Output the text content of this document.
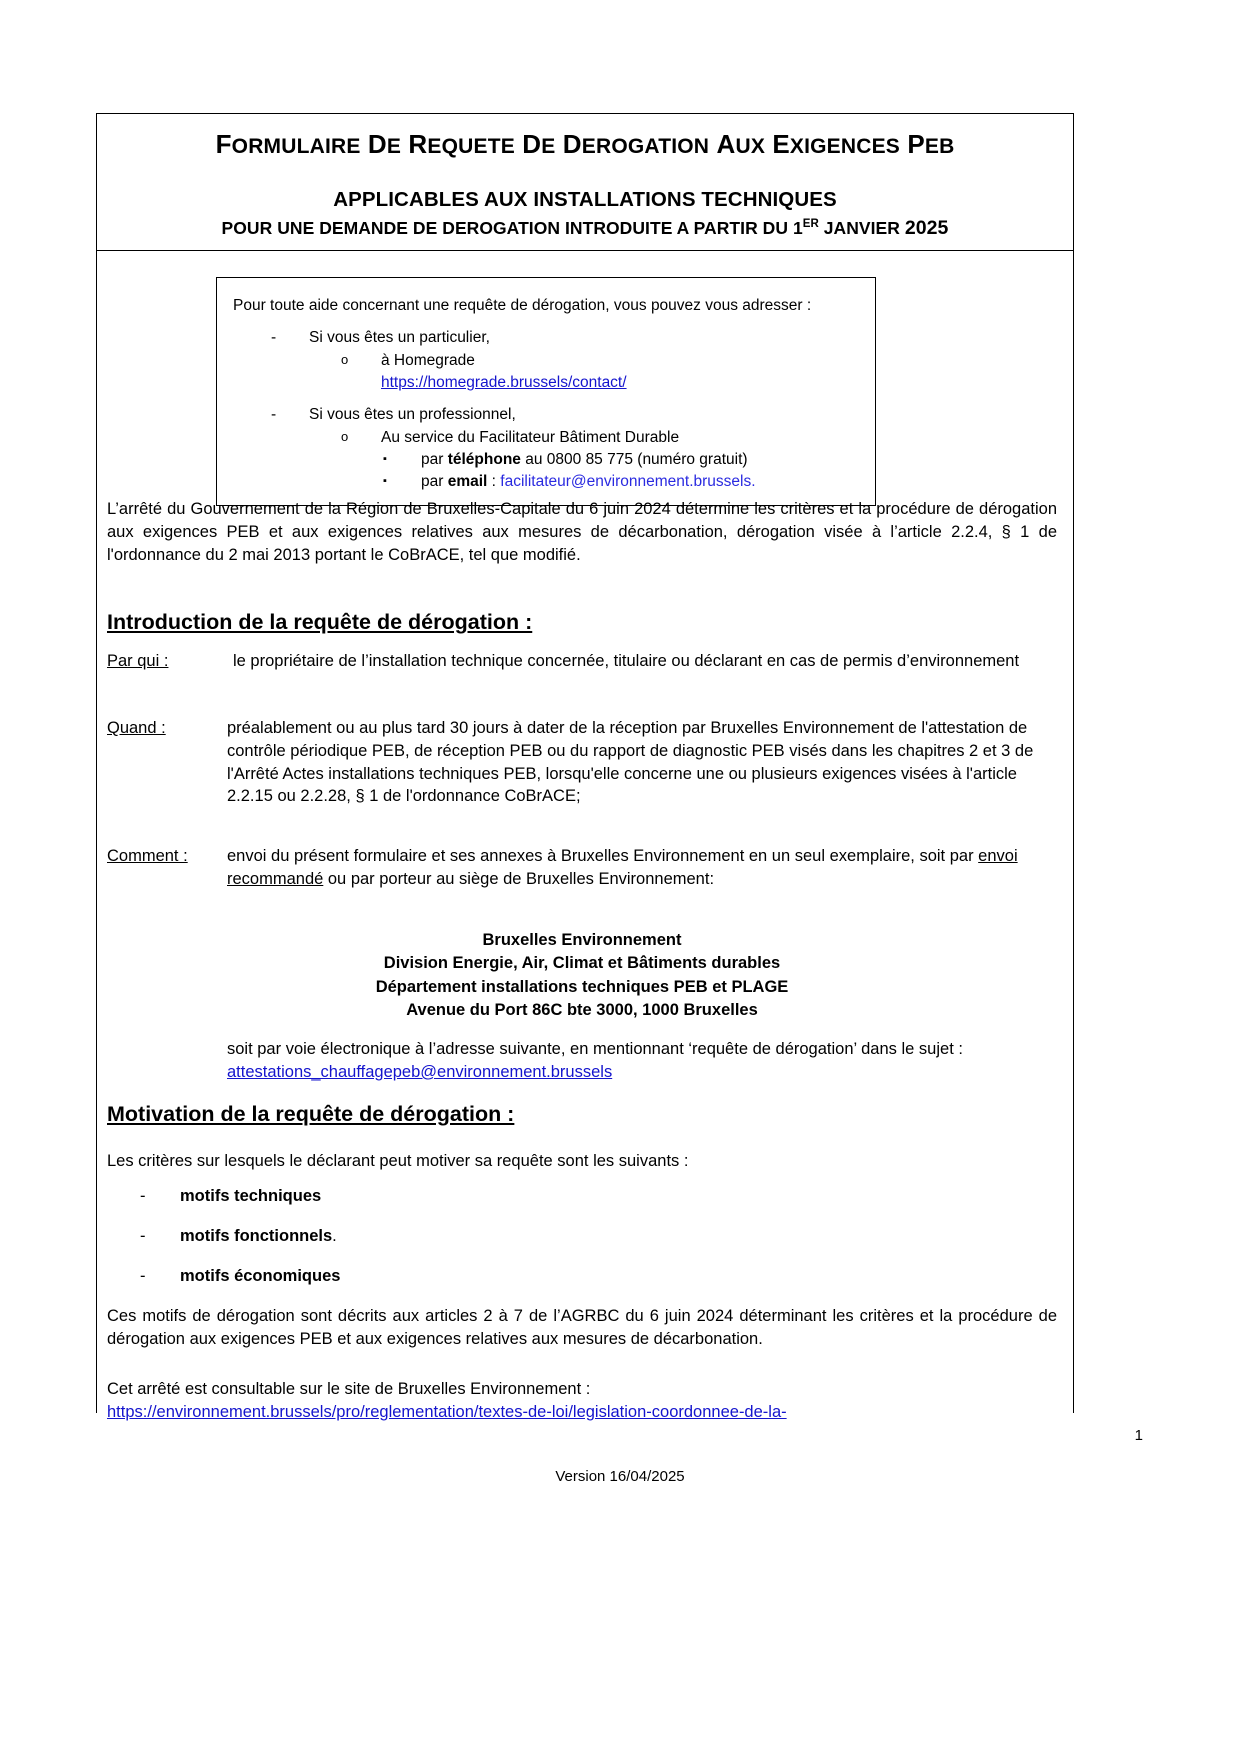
FORMULAIRE DE REQUETE DE DEROGATION AUX EXIGENCES PEB
APPLICABLES AUX INSTALLATIONS TECHNIQUES
POUR UNE DEMANDE DE DEROGATION INTRODUITE A PARTIR DU 1ER JANVIER 2025
Pour toute aide concernant une requête de dérogation, vous pouvez vous adresser :
-	Si vous êtes un particulier,
o	à Homegrade
https://homegrade.brussels/contact/
-	Si vous êtes un professionnel,
o	Au service du Facilitateur Bâtiment Durable
▪	par téléphone au 0800 85 775 (numéro gratuit)
▪	par email : facilitateur@environnement.brussels.
L’arrêté du Gouvernement de la Région de Bruxelles-Capitale du 6 juin 2024 détermine les critères et la procédure de dérogation aux exigences PEB et aux exigences relatives aux mesures de décarbonation, dérogation visée à l’article 2.2.4, § 1 de l'ordonnance du 2 mai 2013 portant le CoBrACE, tel que modifié.
Introduction de la requête de dérogation :
Par qui :	le propriétaire de l’installation technique concernée, titulaire ou déclarant en cas de permis d’environnement
Quand :	préalablement ou au plus tard 30 jours à dater de la réception par Bruxelles Environnement de l'attestation de contrôle périodique PEB, de réception PEB ou du rapport de diagnostic PEB visés dans les chapitres 2 et 3 de l'Arrêté Actes installations techniques PEB, lorsqu'elle concerne une ou plusieurs exigences visées à l'article 2.2.15 ou 2.2.28, § 1 de l'ordonnance CoBrACE;
Comment :	envoi du présent formulaire et ses annexes à Bruxelles Environnement en un seul exemplaire, soit par envoi recommandé ou par porteur au siège de Bruxelles Environnement:
Bruxelles Environnement
Division Energie, Air, Climat et Bâtiments durables
Département installations techniques PEB et PLAGE
Avenue du Port 86C bte 3000, 1000 Bruxelles
soit par voie électronique à l’adresse suivante, en mentionnant ‘requête de dérogation’ dans le sujet : attestations_chauffagepeb@environnement.brussels
Motivation de la requête de dérogation :
Les critères sur lesquels le déclarant peut motiver sa requête sont les suivants :
-	motifs techniques
-	motifs fonctionnels.
-	motifs économiques
Ces motifs de dérogation sont décrits aux articles 2 à 7 de l’AGRBC du 6 juin 2024 déterminant les critères et la procédure de dérogation aux exigences PEB et aux exigences relatives aux mesures de décarbonation.
Cet arrêté est consultable sur le site de Bruxelles Environnement :
https://environnement.brussels/pro/reglementation/textes-de-loi/legislation-coordonnee-de-la-
1
Version 16/04/2025
